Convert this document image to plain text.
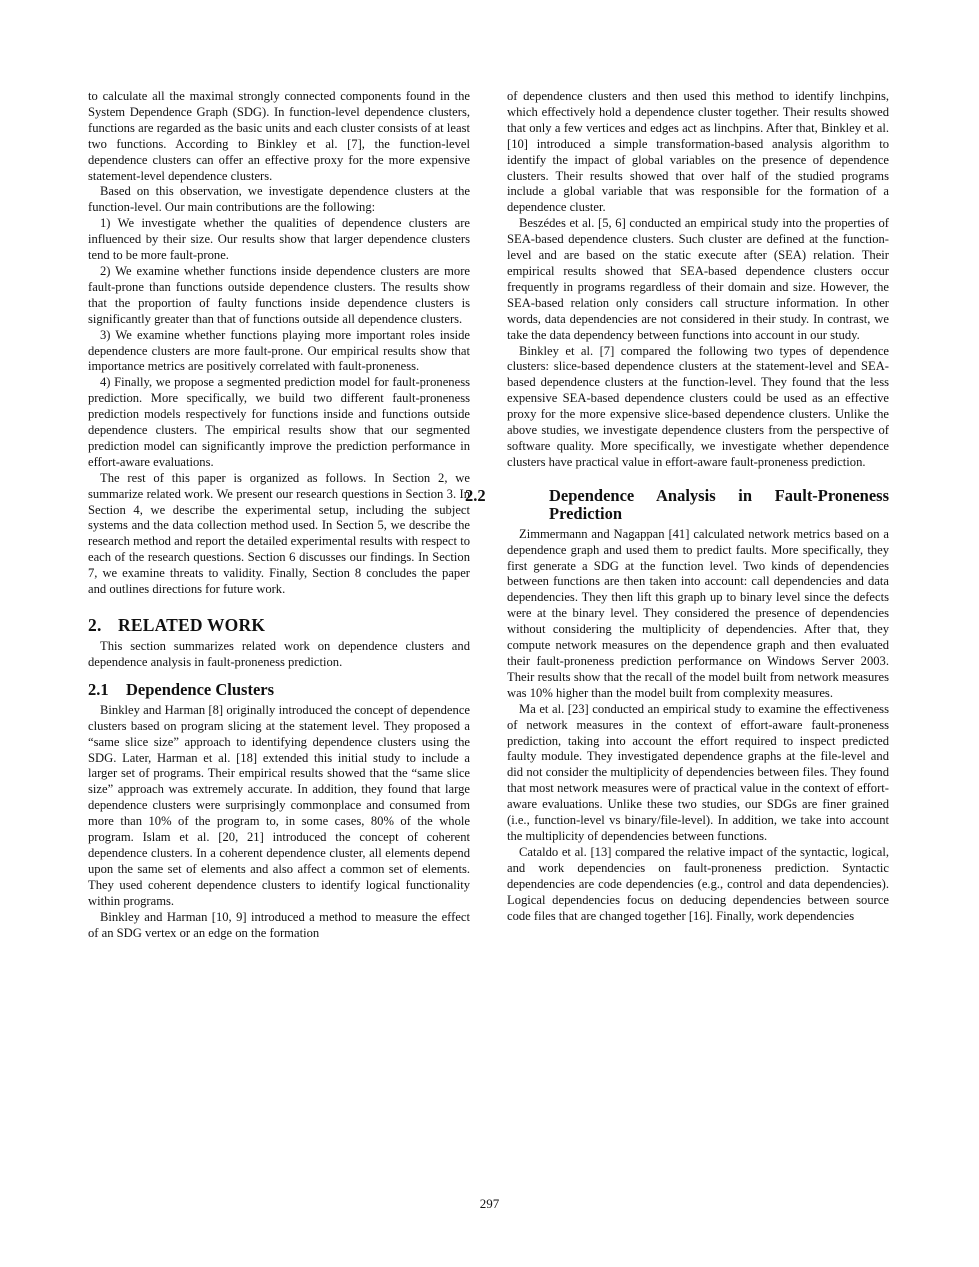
to calculate all the maximal strongly connected components found in the System Dependence Graph (SDG). In function-level dependence clusters, functions are regarded as the basic units and each cluster consists of at least two functions. According to Binkley et al. [7], the function-level dependence clusters can offer an effective proxy for the more expensive statement-level dependence clusters.

Based on this observation, we investigate dependence clusters at the function-level. Our main contributions are the following:

1) We investigate whether the qualities of dependence clusters are influenced by their size. Our results show that larger dependence clusters tend to be more fault-prone.

2) We examine whether functions inside dependence clusters are more fault-prone than functions outside dependence clusters. The results show that the proportion of faulty functions inside dependence clusters is significantly greater than that of functions outside all dependence clusters.

3) We examine whether functions playing more important roles inside dependence clusters are more fault-prone. Our empirical results show that importance metrics are positively correlated with fault-proneness.

4) Finally, we propose a segmented prediction model for fault-proneness prediction. More specifically, we build two different fault-proneness prediction models respectively for functions inside and functions outside dependence clusters. The empirical results show that our segmented prediction model can significantly improve the prediction performance in effort-aware evaluations.

The rest of this paper is organized as follows. In Section 2, we summarize related work. We present our research questions in Section 3. In Section 4, we describe the experimental setup, including the subject systems and the data collection method used. In Section 5, we describe the research method and report the detailed experimental results with respect to each of the research questions. Section 6 discusses our findings. In Section 7, we examine threats to validity. Finally, Section 8 concludes the paper and outlines directions for future work.

2. RELATED WORK

This section summarizes related work on dependence clusters and dependence analysis in fault-proneness prediction.

2.1 Dependence Clusters

Binkley and Harman [8] originally introduced the concept of dependence clusters based on program slicing at the statement level. They proposed a “same slice size” approach to identifying dependence clusters using the SDG. Later, Harman et al. [18] extended this initial study to include a larger set of programs. Their empirical results showed that the “same slice size” approach was extremely accurate. In addition, they found that large dependence clusters were surprisingly commonplace and consumed from more than 10% of the program to, in some cases, 80% of the whole program. Islam et al. [20, 21] introduced the concept of coherent dependence clusters. In a coherent dependence cluster, all elements depend upon the same set of elements and also affect a common set of elements. They used coherent dependence clusters to identify logical functionality within programs.

Binkley and Harman [10, 9] introduced a method to measure the effect of an SDG vertex or an edge on the formation

of dependence clusters and then used this method to identify linchpins, which effectively hold a dependence cluster together. Their results showed that only a few vertices and edges act as linchpins. After that, Binkley et al. [10] introduced a simple transformation-based analysis algorithm to identify the impact of global variables on the presence of dependence clusters. Their results showed that over half of the studied programs include a global variable that was responsible for the formation of a dependence cluster.

Beszédes et al. [5, 6] conducted an empirical study into the properties of SEA-based dependence clusters. Such cluster are defined at the function-level and are based on the static execute after (SEA) relation. Their empirical results showed that SEA-based dependence clusters occur frequently in programs regardless of their domain and size. However, the SEA-based relation only considers call structure information. In other words, data dependencies are not considered in their study. In contrast, we take the data dependency between functions into account in our study.

Binkley et al. [7] compared the following two types of dependence clusters: slice-based dependence clusters at the statement-level and SEA-based dependence clusters at the function-level. They found that the less expensive SEA-based dependence clusters could be used as an effective proxy for the more expensive slice-based dependence clusters. Unlike the above studies, we investigate dependence clusters from the perspective of software quality. More specifically, we investigate whether dependence clusters have practical value in effort-aware fault-proneness prediction.

2.2	Dependence Analysis in Fault-Proneness Prediction

Zimmermann and Nagappan [41] calculated network metrics based on a dependence graph and used them to predict faults. More specifically, they first generate a SDG at the function level. Two kinds of dependencies between functions are then taken into account: call dependencies and data dependencies. They then lift this graph up to binary level since the defects were at the binary level. They considered the presence of dependencies without considering the multiplicity of dependencies. After that, they compute network measures on the dependence graph and then evaluated their fault-proneness prediction performance on Windows Server 2003. Their results show that the recall of the model built from network measures was 10% higher than the model built from complexity measures.

Ma et al. [23] conducted an empirical study to examine the effectiveness of network measures in the context of effort-aware fault-proneness prediction, taking into account the effort required to inspect predicted faulty module. They investigated dependence graphs at the file-level and did not consider the multiplicity of dependencies between files. They found that most network measures were of practical value in the context of effort-aware evaluations. Unlike these two studies, our SDGs are finer grained (i.e., function-level vs binary/file-level). In addition, we take into account the multiplicity of dependencies between functions.

Cataldo et al. [13] compared the relative impact of the syntactic, logical, and work dependencies on fault-proneness prediction. Syntactic dependencies are code dependencies (e.g., control and data dependencies). Logical dependencies focus on deducing dependencies between source code files that are changed together [16]. Finally, work dependencies

297
